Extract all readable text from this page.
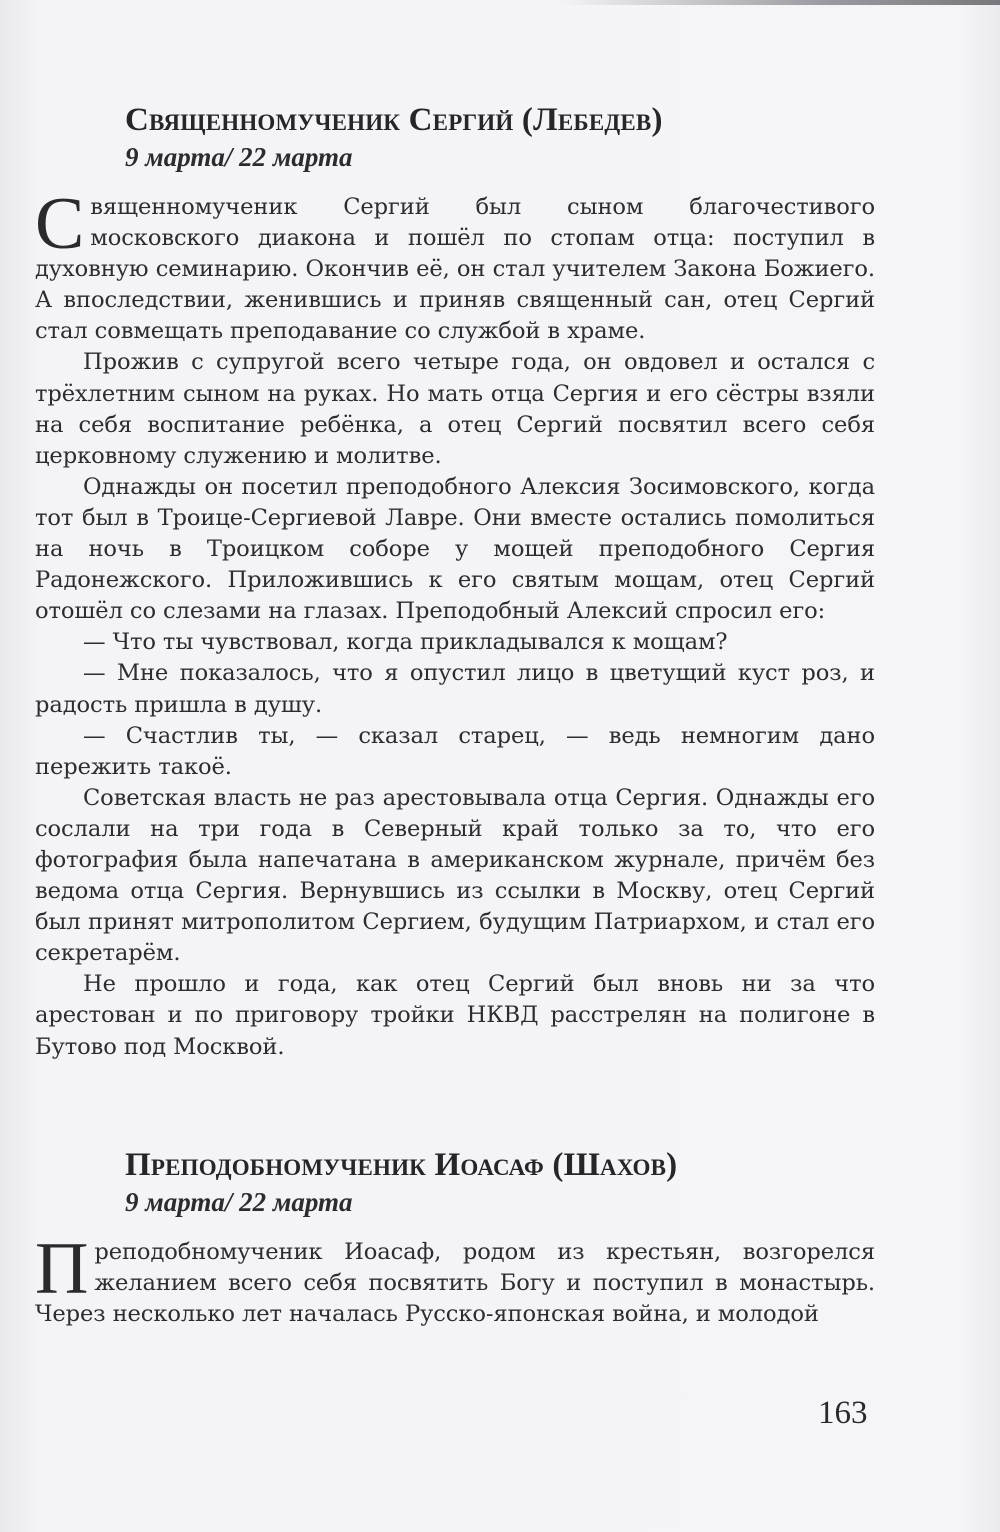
Священномученик Сергий (Лебедев)
9 марта/ 22 марта

Священномученик Сергий был сыном благочестивого московского диакона и пошёл по стопам отца: поступил в духовную семинарию. Окончив её, он стал учителем Закона Божиего. А впоследствии, женившись и приняв священный сан, отец Сергий стал совмещать преподавание со службой в храме.

Прожив с супругой всего четыре года, он овдовел и остался с трёхлетним сыном на руках. Но мать отца Сергия и его сёстры взяли на себя воспитание ребёнка, а отец Сергий посвятил всего себя церковному служению и молитве.

Однажды он посетил преподобного Алексия Зосимовского, когда тот был в Троице-Сергиевой Лавре. Они вместе остались помолиться на ночь в Троицком соборе у мощей преподобного Сергия Радонежского. Приложившись к его святым мощам, отец Сергий отошёл со слезами на глазах. Преподобный Алексий спросил его:

— Что ты чувствовал, когда прикладывался к мощам?

— Мне показалось, что я опустил лицо в цветущий куст роз, и радость пришла в душу.

— Счастлив ты, — сказал старец, — ведь немногим дано пережить такоё.

Советская власть не раз арестовывала отца Сергия. Однажды его сослали на три года в Северный край только за то, что его фотография была напечатана в американском журнале, причём без ведома отца Сергия. Вернувшись из ссылки в Москву, отец Сергий был принят митрополитом Сергием, будущим Патриархом, и стал его секретарём.

Не прошло и года, как отец Сергий был вновь ни за что арестован и по приговору тройки НКВД расстрелян на полигоне в Бутово под Москвой.

Преподобномученик Иоасаф (Шахов)
9 марта/ 22 марта

Преподобномученик Иоасаф, родом из крестьян, возгорелся желанием всего себя посвятить Богу и поступил в монастырь. Через несколько лет началась Русско-японская война, и молодой

163
